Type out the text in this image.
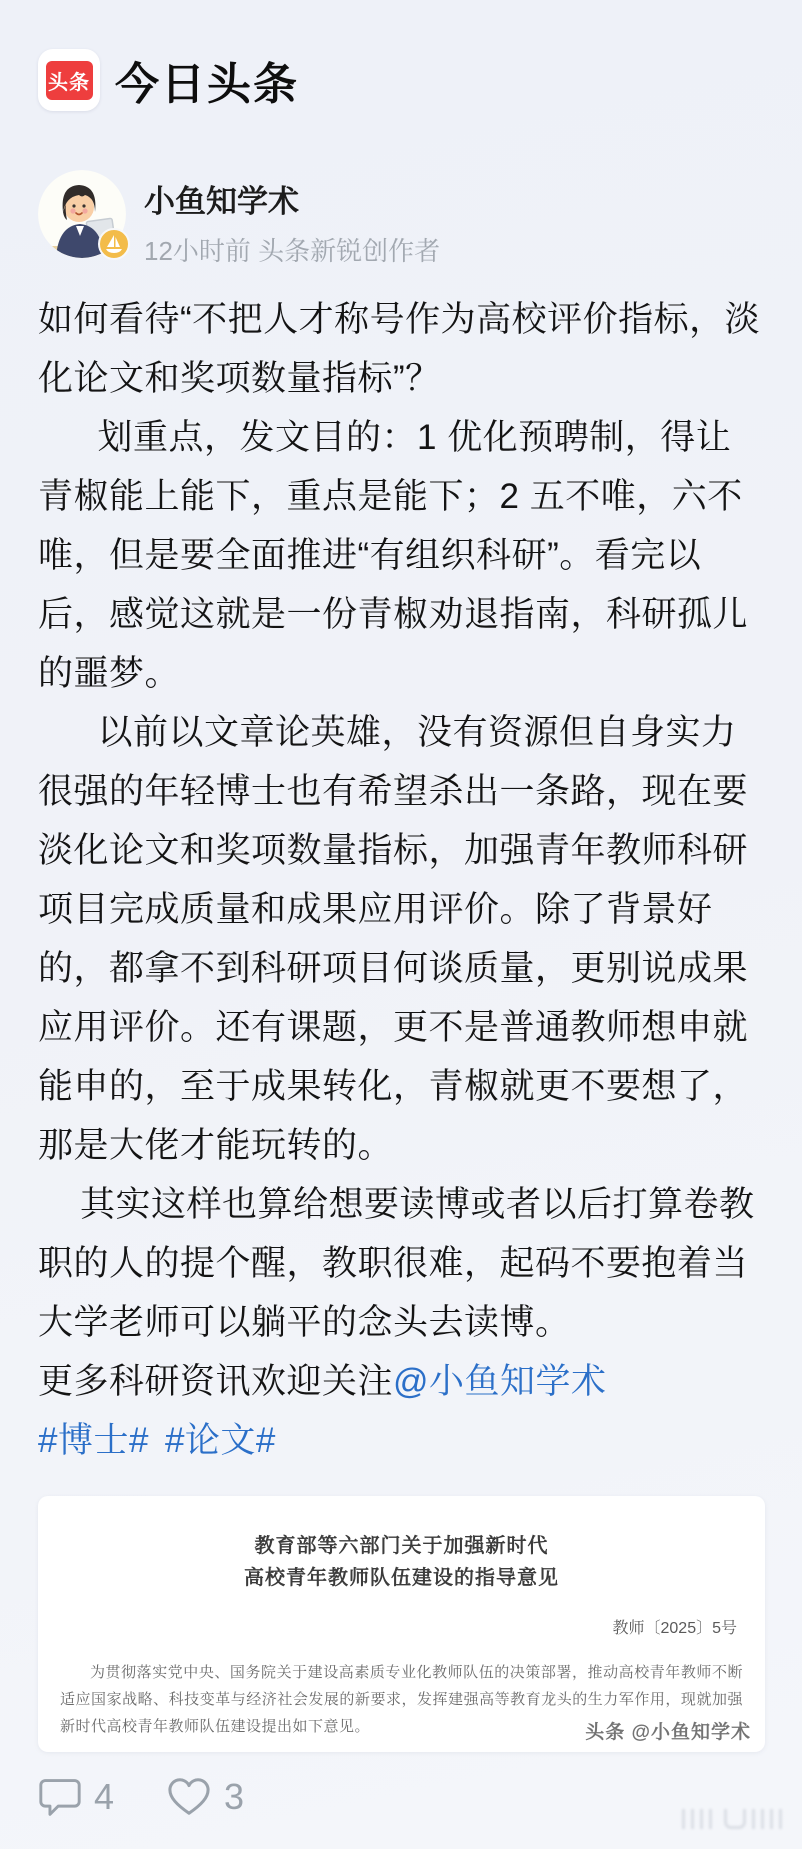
头条 今日头条
小鱼知学术
12小时前 头条新锐创作者

如何看待“不把人才称号作为高校评价指标，淡化论文和奖项数量指标”？

划重点，发文目的：1 优化预聘制，得让青椒能上能下，重点是能下；2 五不唯，六不唯，但是要全面推进“有组织科研”。看完以后，感觉这就是一份青椒劝退指南，科研孤儿的噩梦。

以前以文章论英雄，没有资源但自身实力很强的年轻博士也有希望杀出一条路，现在要淡化论文和奖项数量指标，加强青年教师科研项目完成质量和成果应用评价。除了背景好的，都拿不到科研项目何谈质量，更别说成果应用评价。还有课题，更不是普通教师想申就能申的，至于成果转化，青椒就更不要想了，那是大佬才能玩转的。

其实这样也算给想要读博或者以后打算卷教职的人的提个醒，教职很难，起码不要抱着当大学老师可以躺平的念头去读博。

更多科研资讯欢迎关注@小鱼知学术

#博士# #论文#

教育部等六部门关于加强新时代
高校青年教师队伍建设的指导意见
教师〔2025〕5号

为贯彻落实党中央、国务院关于建设高素质专业化教师队伍的决策部署，推动高校青年教师不断适应国家战略、科技变革与经济社会发展的新要求，发挥建强高等教育龙头的生力军作用，现就加强新时代高校青年教师队伍建设提出如下意见。	头条 @小鱼知学术
4	3
